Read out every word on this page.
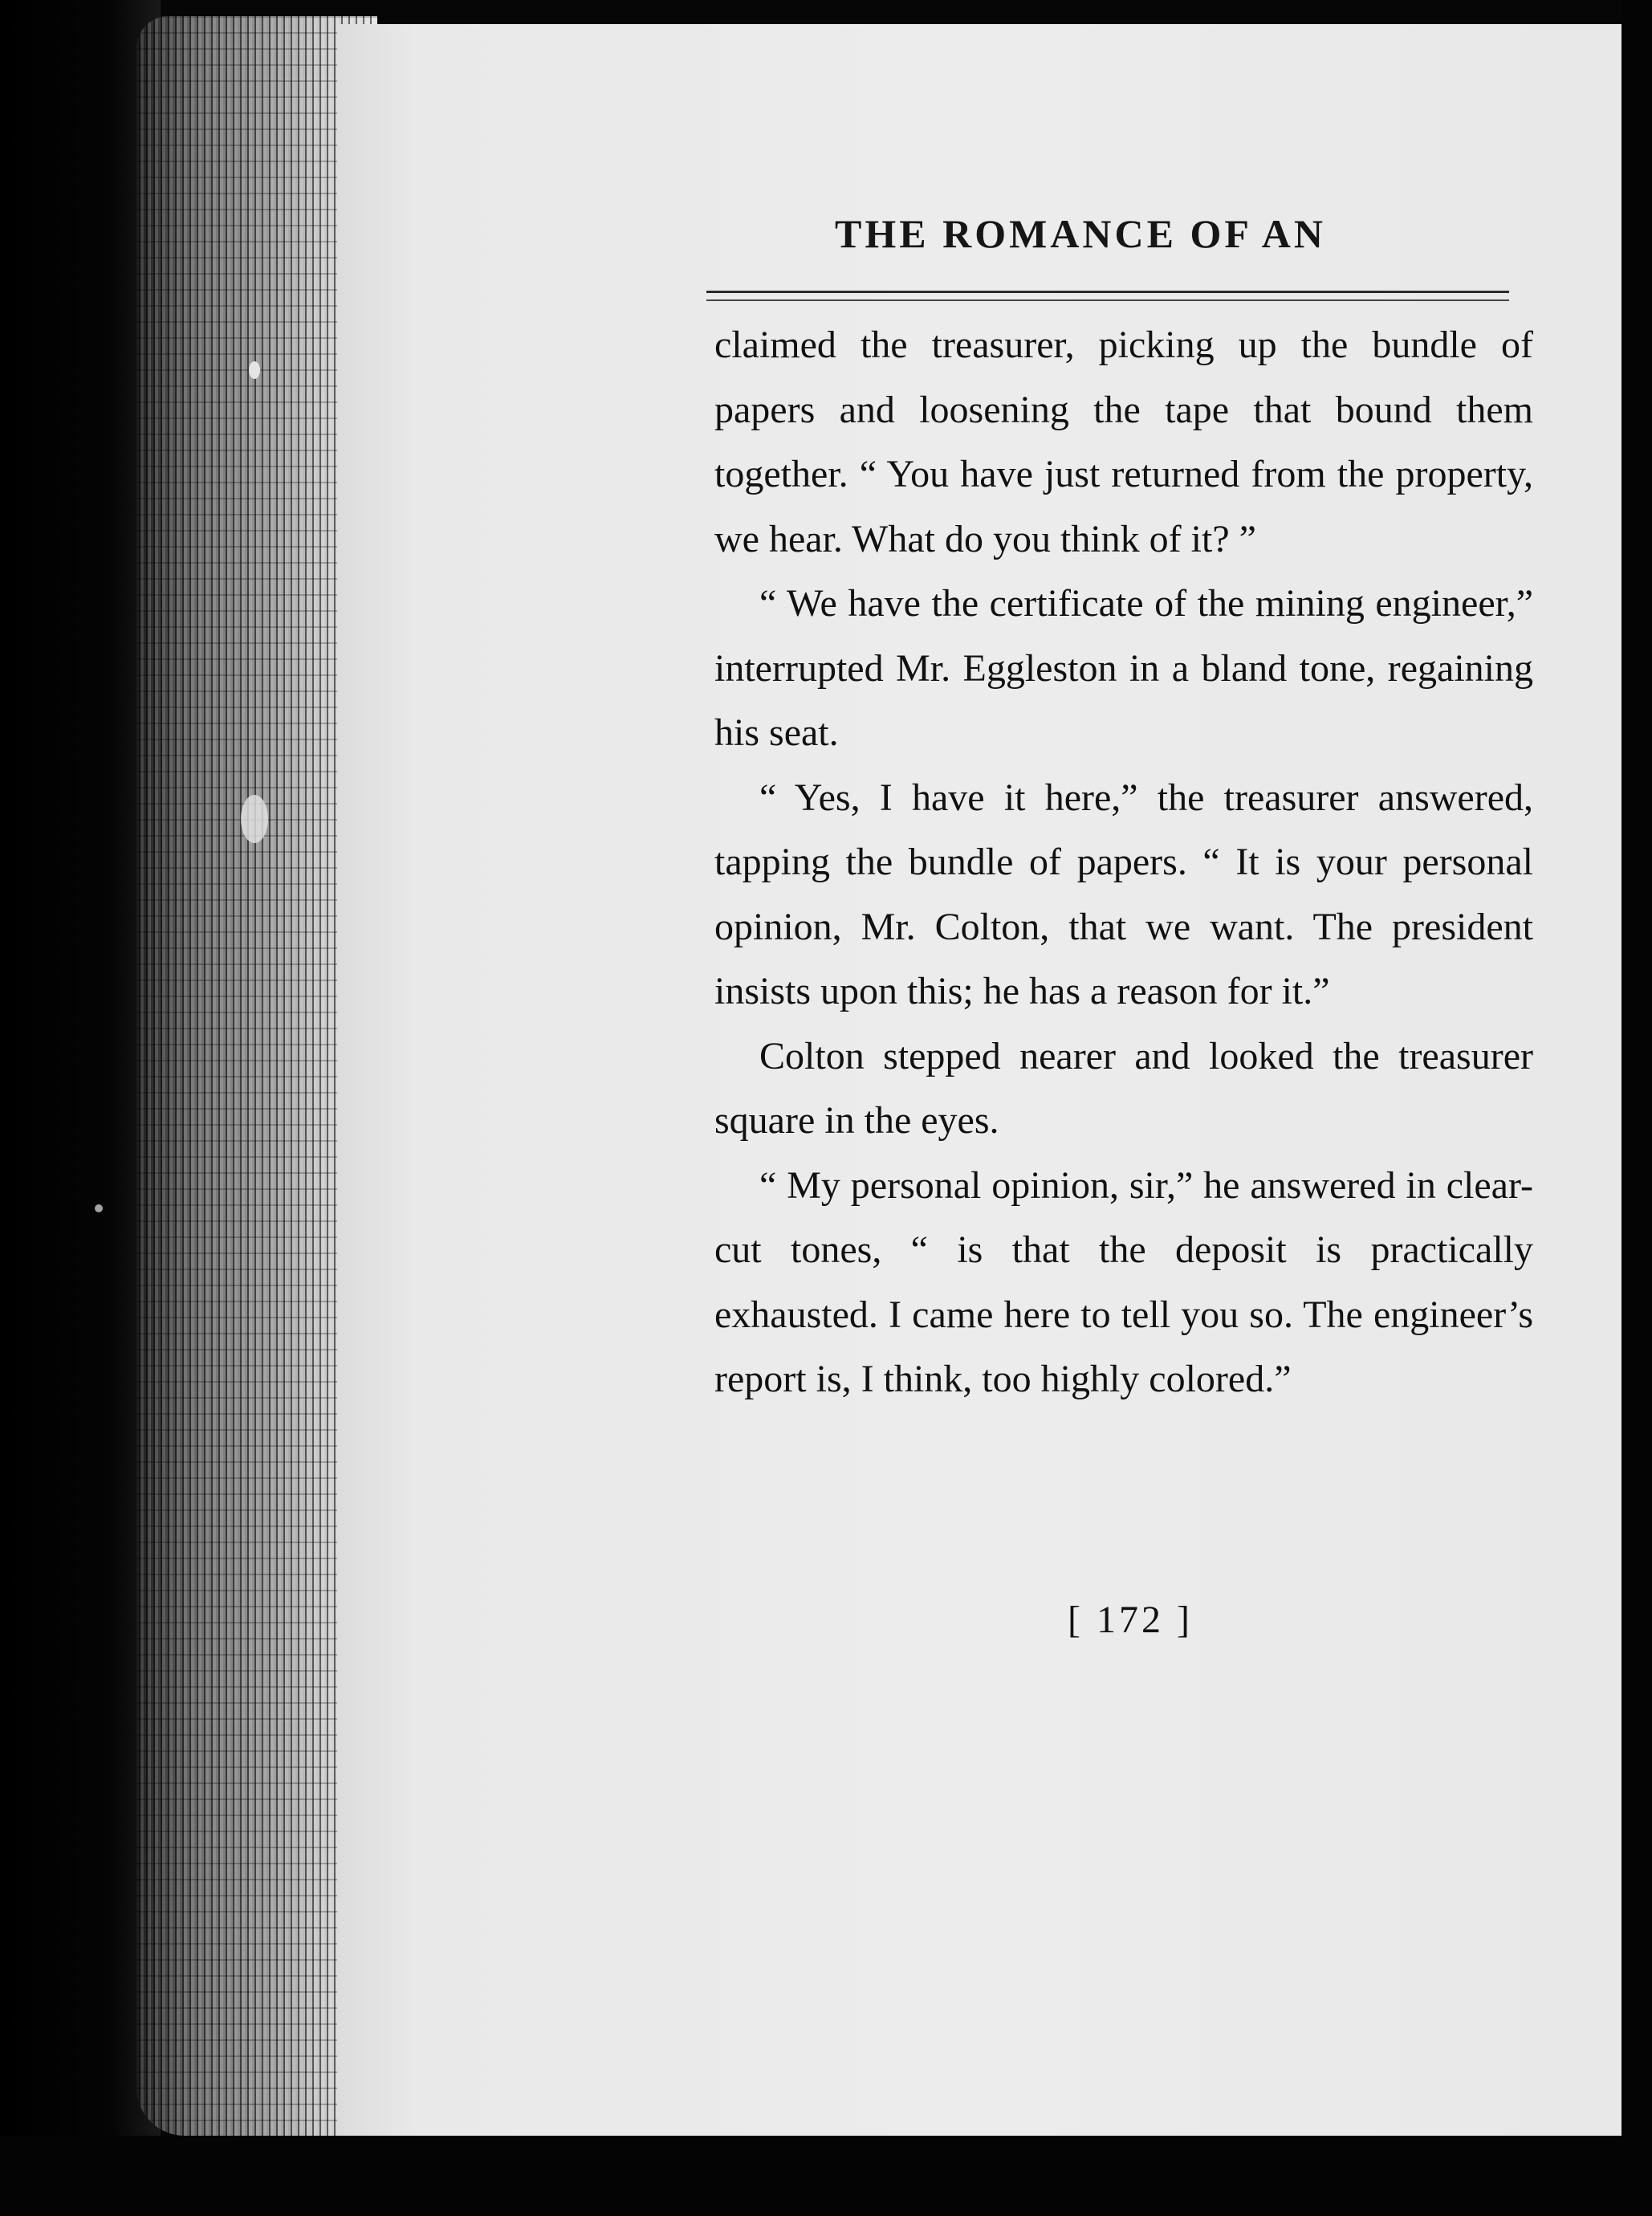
THE ROMANCE OF AN

claimed the treasurer, picking up the bundle of papers and loosening the tape that bound them together. “ You have just returned from the property, we hear. What do you think of it? ”

“ We have the certificate of the mining engineer,” interrupted Mr. Eggleston in a bland tone, regaining his seat.

“ Yes, I have it here,” the treasurer answered, tapping the bundle of papers. “ It is your personal opinion, Mr. Colton, that we want. The president insists upon this; he has a reason for it.”

Colton stepped nearer and looked the treasurer square in the eyes.

“ My personal opinion, sir,” he answered in clear-cut tones, “ is that the deposit is practically exhausted. I came here to tell you so. The engineer’s report is, I think, too highly colored.”

[ 172 ]
